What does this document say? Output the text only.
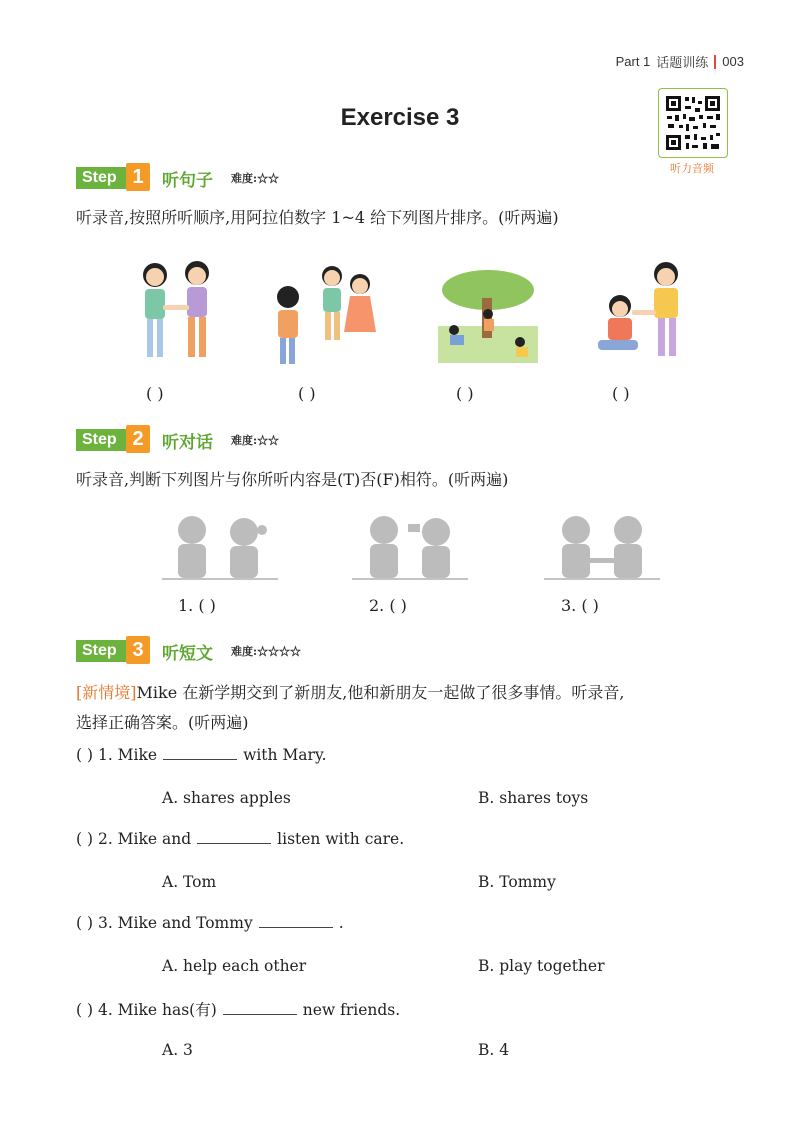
Part 1 话题训练 003
Exercise 3
听力音频
Step 1	听句子 难度:☆☆
听录音,按照所听顺序,用阿拉伯数字 1~4 给下列图片排序。(听两遍)
( )	( )	( )	( )
Step 2	听对话 难度:☆☆
听录音,判断下列图片与你所听内容是(T)否(F)相符。(听两遍)
1. ( )	2. ( )	3. ( )
Step 3	听短文 难度:☆☆☆☆
[新情境]Mike 在新学期交到了新朋友,他和新朋友一起做了很多事情。听录音,
选择正确答案。(听两遍)
( ) 1. Mike	with Mary.
A. shares apples	B. shares toys
( ) 2. Mike and	listen with care.
A. Tom	B. Tommy
( ) 3. Mike and Tommy	.
A. help each other	B. play together
( ) 4. Mike has(有)	new friends.
A. 3	B. 4
